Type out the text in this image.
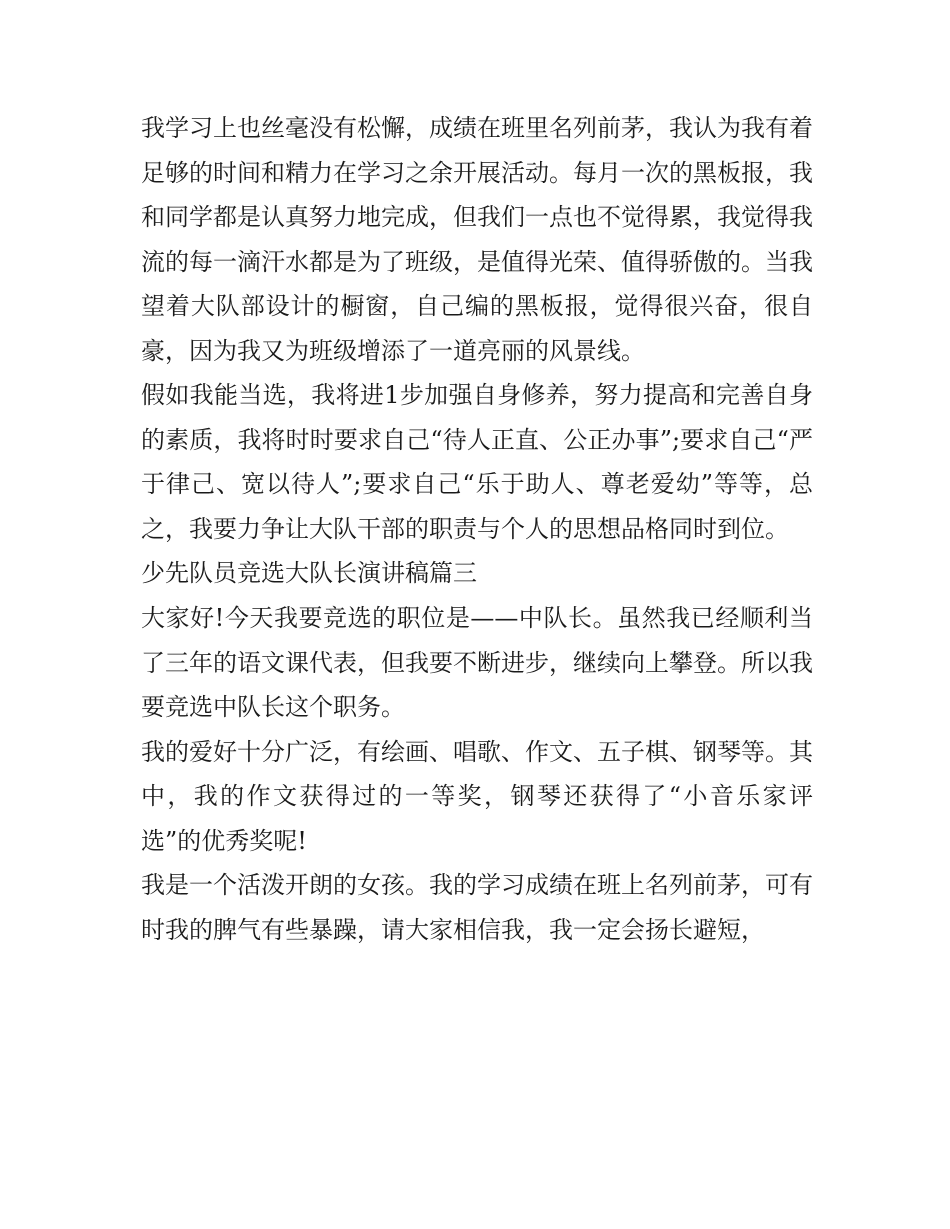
我学习上也丝毫没有松懈，成绩在班里名列前茅，我认为我有着足够的时间和精力在学习之余开展活动。每月一次的黑板报，我和同学都是认真努力地完成，但我们一点也不觉得累，我觉得我流的每一滴汗水都是为了班级，是值得光荣、值得骄傲的。当我望着大队部设计的橱窗，自己编的黑板报，觉得很兴奋，很自豪，因为我又为班级增添了一道亮丽的风景线。

假如我能当选，我将进1步加强自身修养，努力提高和完善自身的素质，我将时时要求自己“待人正直、公正办事”;要求自己“严于律己、宽以待人”;要求自己“乐于助人、尊老爱幼”等等，总之，我要力争让大队干部的职责与个人的思想品格同时到位。

少先队员竞选大队长演讲稿篇三

大家好!今天我要竞选的职位是——中队长。虽然我已经顺利当了三年的语文课代表，但我要不断进步，继续向上攀登。所以我要竞选中队长这个职务。

我的爱好十分广泛，有绘画、唱歌、作文、五子棋、钢琴等。其中，我的作文获得过的一等奖，钢琴还获得了“小音乐家评选”的优秀奖呢!

我是一个活泼开朗的女孩。我的学习成绩在班上名列前茅，可有时我的脾气有些暴躁，请大家相信我，我一定会扬长避短，
